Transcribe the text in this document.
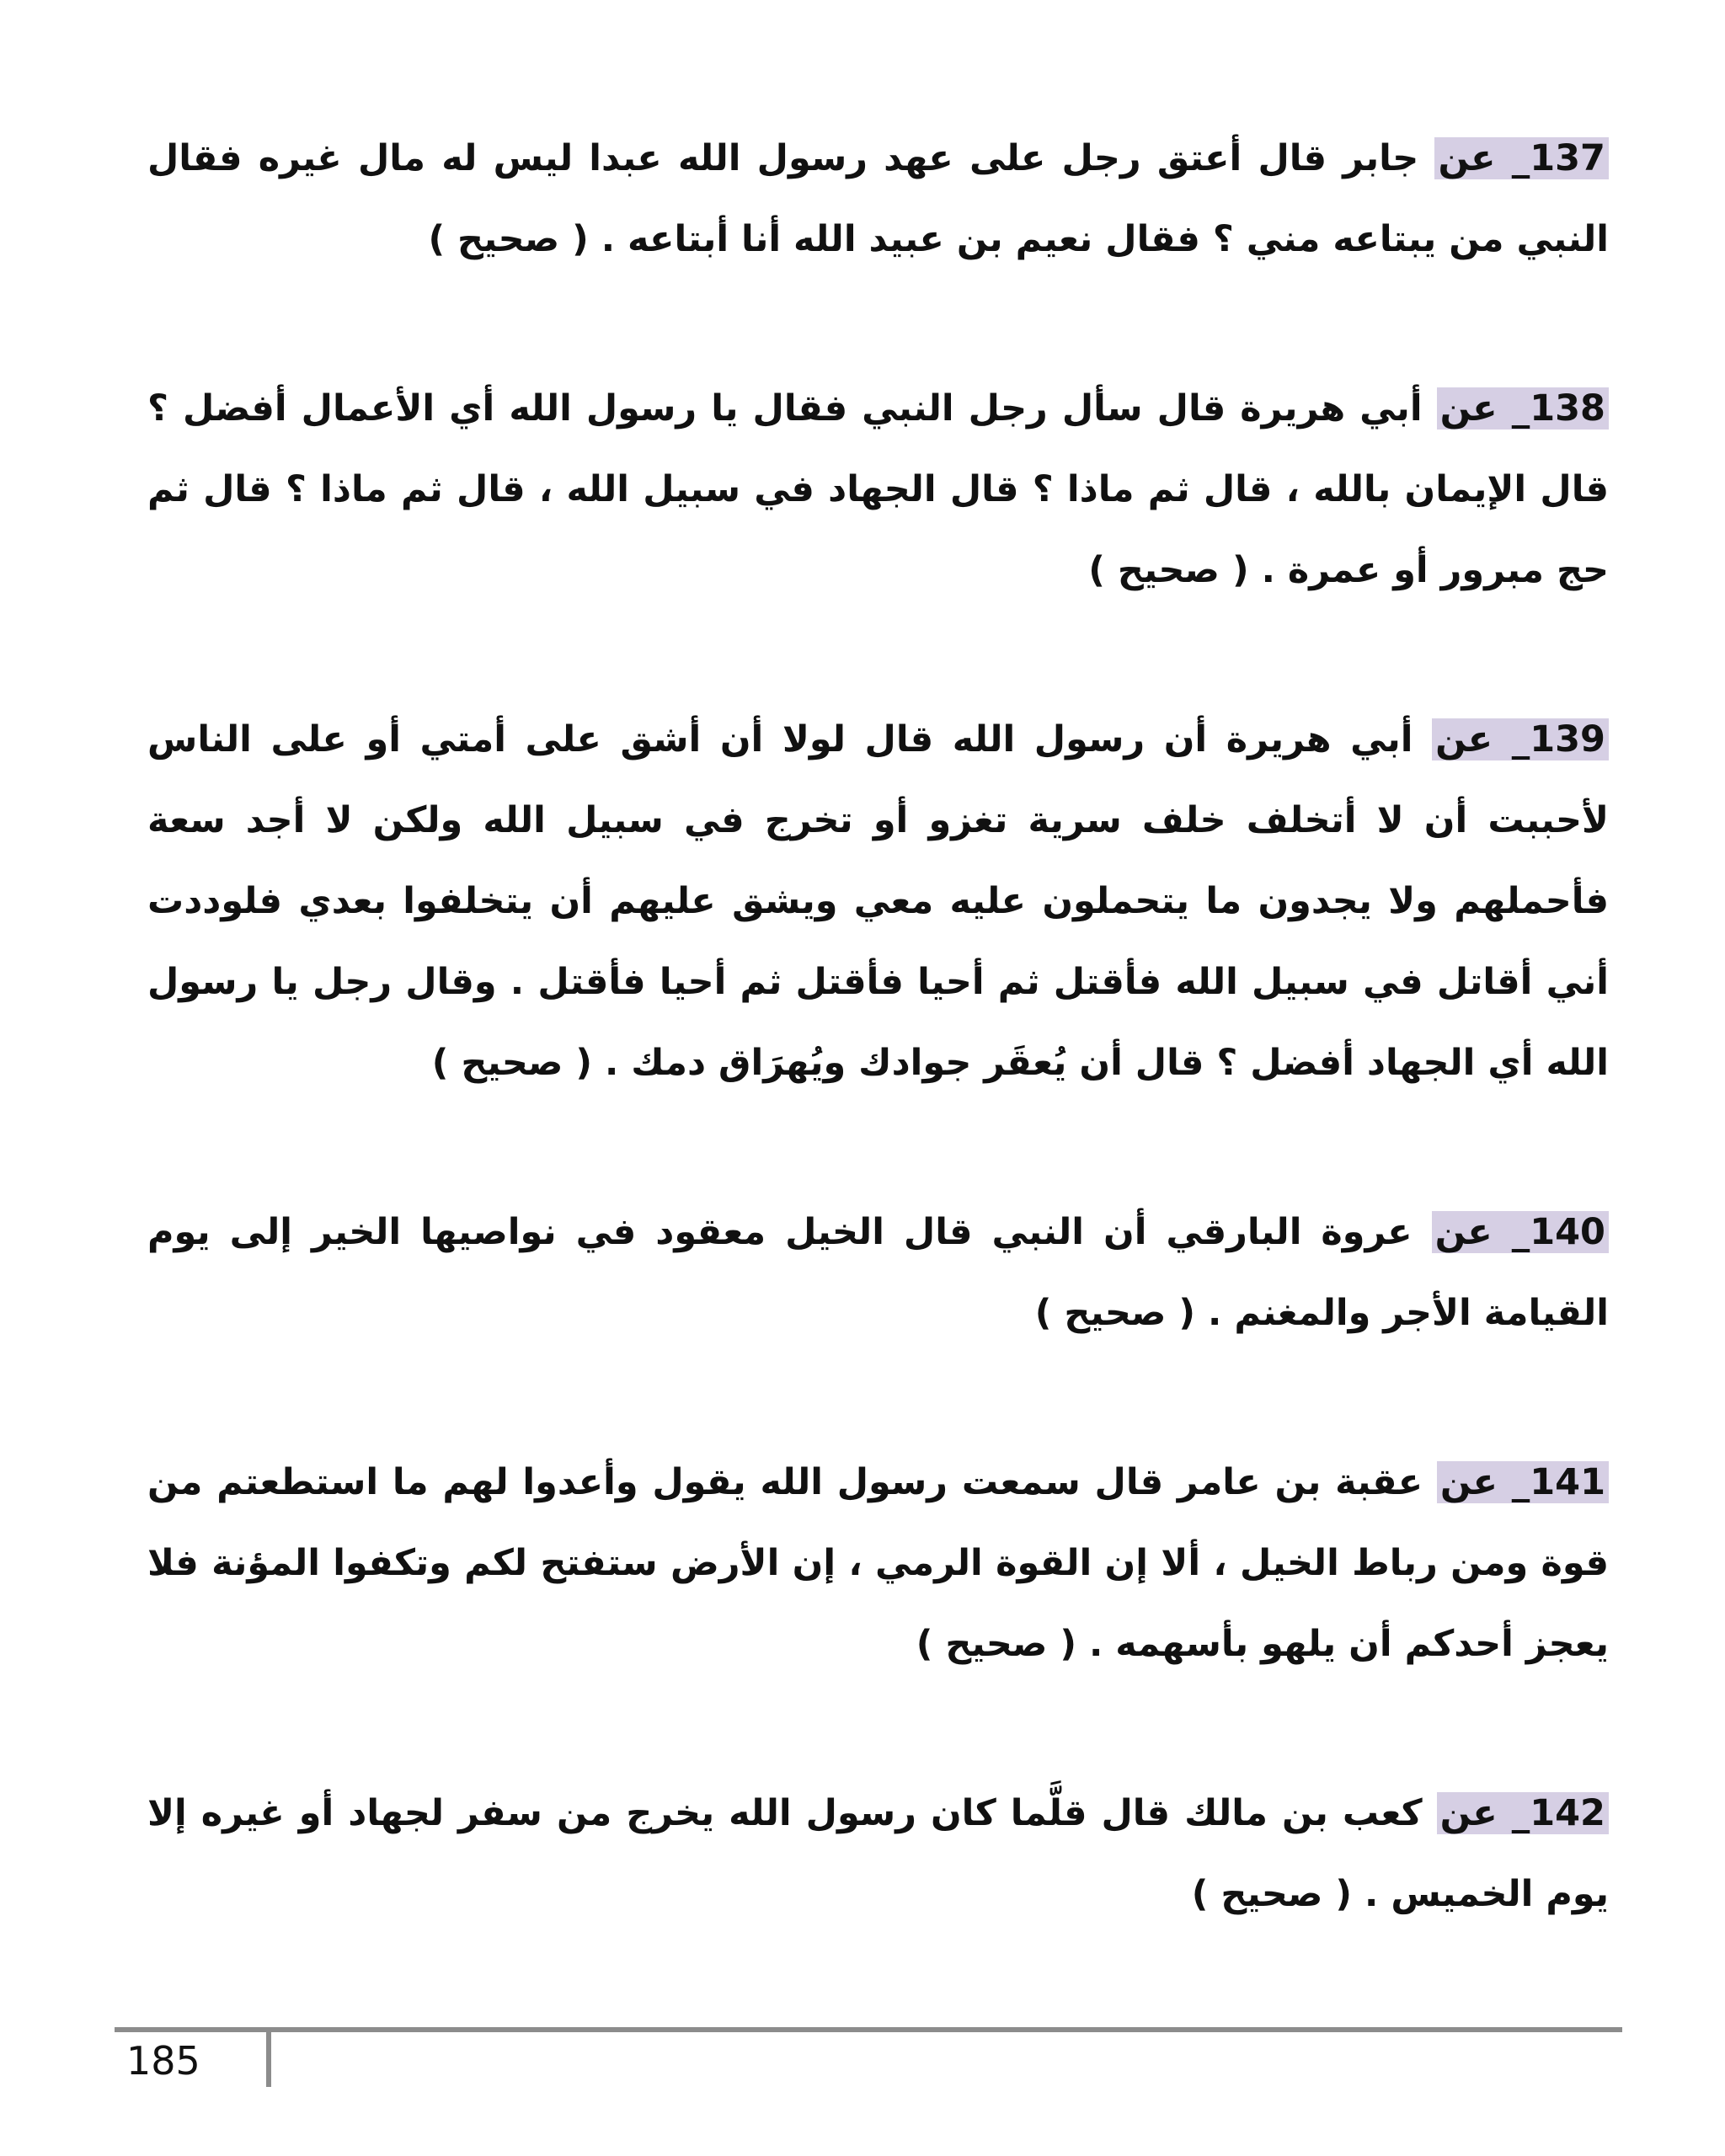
137_ عن جابر قال أعتق رجل على عهد رسول الله عبدا ليس له مال غيره فقال النبي من يبتاعه مني ؟ فقال نعيم بن عبيد الله أنا أبتاعه . ( صحيح )

138_ عن أبي هريرة قال سأل رجل النبي فقال يا رسول الله أي الأعمال أفضل ؟ قال الإيمان بالله ، قال ثم ماذا ؟ قال الجهاد في سبيل الله ، قال ثم ماذا ؟ قال ثم حج مبرور أو عمرة . ( صحيح )

139_ عن أبي هريرة أن رسول الله قال لولا أن أشق على أمتي أو على الناس لأحببت أن لا أتخلف خلف سرية تغزو أو تخرج في سبيل الله ولكن لا أجد سعة فأحملهم ولا يجدون ما يتحملون عليه معي ويشق عليهم أن يتخلفوا بعدي فلوددت أني أقاتل في سبيل الله فأقتل ثم أحيا فأقتل ثم أحيا فأقتل . وقال رجل يا رسول الله أي الجهاد أفضل ؟ قال أن يُعقَر جوادك ويُهرَاق دمك . ( صحيح )

140_ عن عروة البارقي أن النبي قال الخيل معقود في نواصيها الخير إلى يوم القيامة الأجر والمغنم . ( صحيح )

141_ عن عقبة بن عامر قال سمعت رسول الله يقول وأعدوا لهم ما استطعتم من قوة ومن رباط الخيل ، ألا إن القوة الرمي ، إن الأرض ستفتح لكم وتكفوا المؤنة فلا يعجز أحدكم أن يلهو بأسهمه . ( صحيح )

142_ عن كعب بن مالك قال قلَّما كان رسول الله يخرج من سفر لجهاد أو غيره إلا يوم الخميس . ( صحيح )

185
